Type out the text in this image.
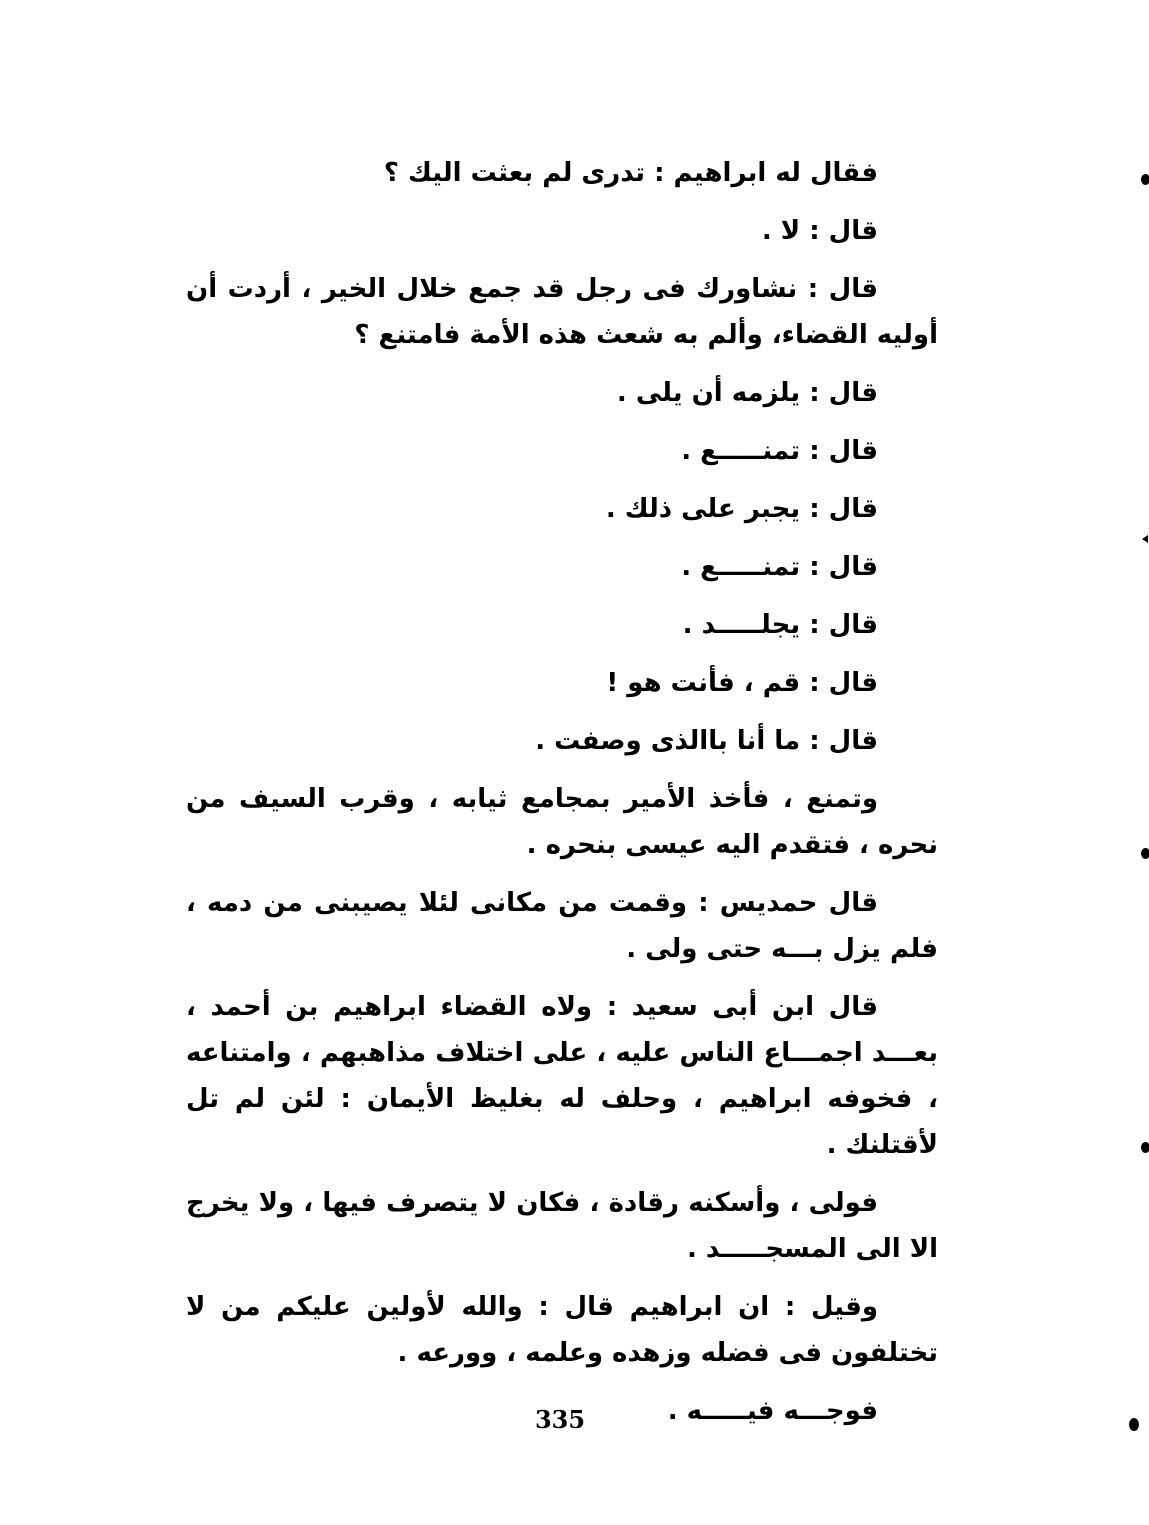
فقال له ابراهيم : تدرى لم بعثت اليك ؟

قال : لا .

قال : نشاورك فى رجل قد جمع خلال الخير ، أردت أن أوليه القضاء، وألم به شعث هذه الأمة فامتنع ؟

قال : يلزمه أن يلى .

قال : تمنـــــع .

قال : يجبر على ذلك .

قال : تمنـــــع .

قال : يجلـــــد .

قال : قم ، فأنت هو !

قال : ما أنا باالذى وصفت .

وتمنع ، فأخذ الأمير بمجامع ثيابه ، وقرب السيف من نحره ، فتقدم اليه عيسى بنحره .

قال حمديس : وقمت من مكانى لئلا يصيبنى من دمه ، فلم يزل بـــه حتى ولى .

قال ابن أبى سعيد : ولاه القضاء ابراهيم بن أحمد ، بعـــد اجمـــاع الناس عليه ، على اختلاف مذاهبهم ، وامتناعه ، فخوفه ابراهيم ، وحلف له بغليظ الأيمان : لئن لم تل لأقتلنك .

فولى ، وأسكنه رقادة ، فكان لا يتصرف فيها ، ولا يخرج الا الى المسجـــــد .

وقيل : ان ابراهيم قال : والله لأولين عليكم من لا تختلفون فى فضله وزهده وعلمه ، وورعه .

فوجـــه فيـــــه .

335
